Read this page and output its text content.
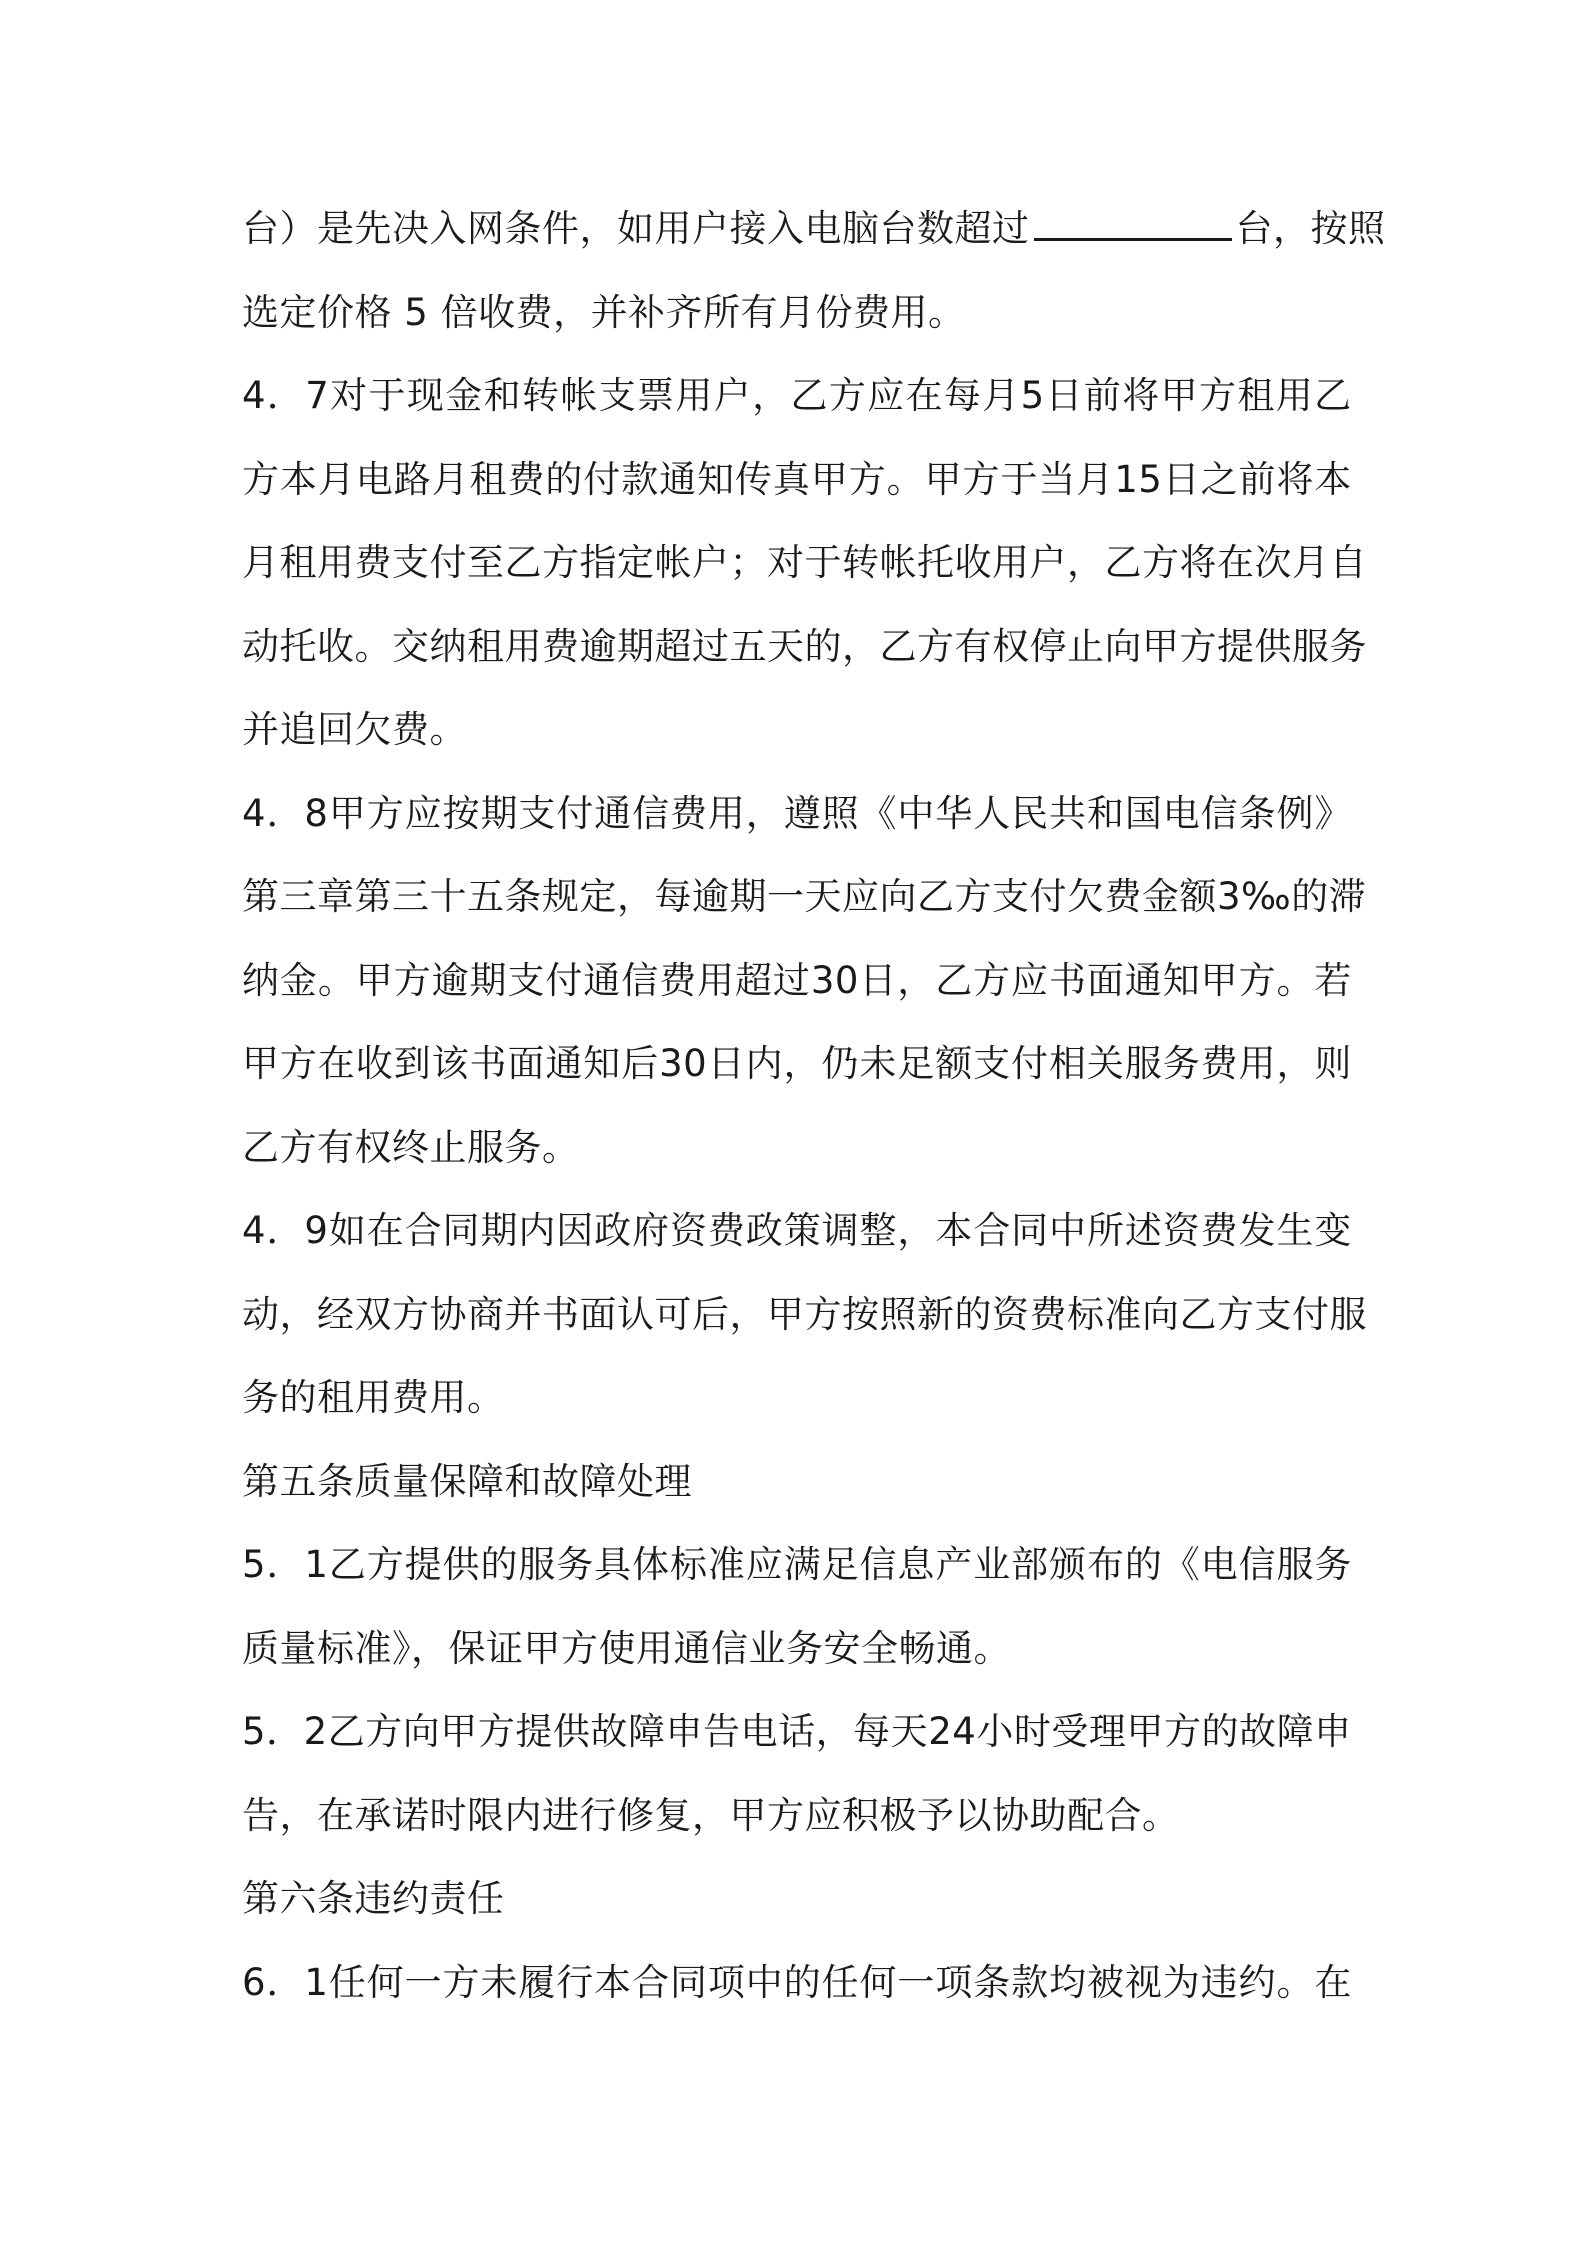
台）是先决入网条件，如用户接入电脑台数超过	台，按照
选定价格 5 倍收费，并补齐所有月份费用。
4 ． 7 对 于 现 金 和 转 帐 支 票 用 户 ， 乙 方 应 在 每 月 5 日 前 将 甲 方 租 用 乙
方 本 月 电 路 月 租 费 的 付 款 通 知 传 真 甲 方 。 甲 方 于 当 月 15 日 之 前 将 本
月 租 用 费 支 付 至 乙 方 指 定 帐 户 ； 对 于 转 帐 托 收 用 户 ， 乙 方 将 在 次 月 自
动 托 收 。 交 纳 租 用 费 逾 期 超 过 五 天 的 ， 乙 方 有 权 停 止 向 甲 方 提 供 服 务
并追回欠费。
4 ． 8 甲 方 应 按 期 支 付 通 信 费 用 ， 遵 照 《 中 华 人 民 共 和 国 电 信 条 例 》
第 三 章 第 三 十 五 条 规 定 ， 每 逾 期 一 天 应 向 乙 方 支 付 欠 费 金 额 3‰ 的 滞
纳 金 。 甲 方 逾 期 支 付 通 信 费 用 超 过 30 日 ， 乙 方 应 书 面 通 知 甲 方 。 若
甲 方 在 收 到 该 书 面 通 知 后 30 日 内 ， 仍 未 足 额 支 付 相 关 服 务 费 用 ， 则
乙方有权终止服务。
4 ． 9 如 在 合 同 期 内 因 政 府 资 费 政 策 调 整 ， 本 合 同 中 所 述 资 费 发 生 变
动 ， 经 双 方 协 商 并 书 面 认 可 后 ， 甲 方 按 照 新 的 资 费 标 准 向 乙 方 支 付 服
务的租用费用。
第五条质量保障和故障处理
5 ． 1 乙 方 提 供 的 服 务 具 体 标 准 应 满 足 信 息 产 业 部 颁 布 的 《 电 信 服 务
质量标准》，保证甲方使用通信业务安全畅通。
5 ． 2 乙 方 向 甲 方 提 供 故 障 申 告 电 话 ， 每 天 24 小 时 受 理 甲 方 的 故 障 申
告，在承诺时限内进行修复，甲方应积极予以协助配合。
第六条违约责任
6 ． 1 任 何 一 方 未 履 行 本 合 同 项 中 的 任 何 一 项 条 款 均 被 视 为 违 约 。 在
